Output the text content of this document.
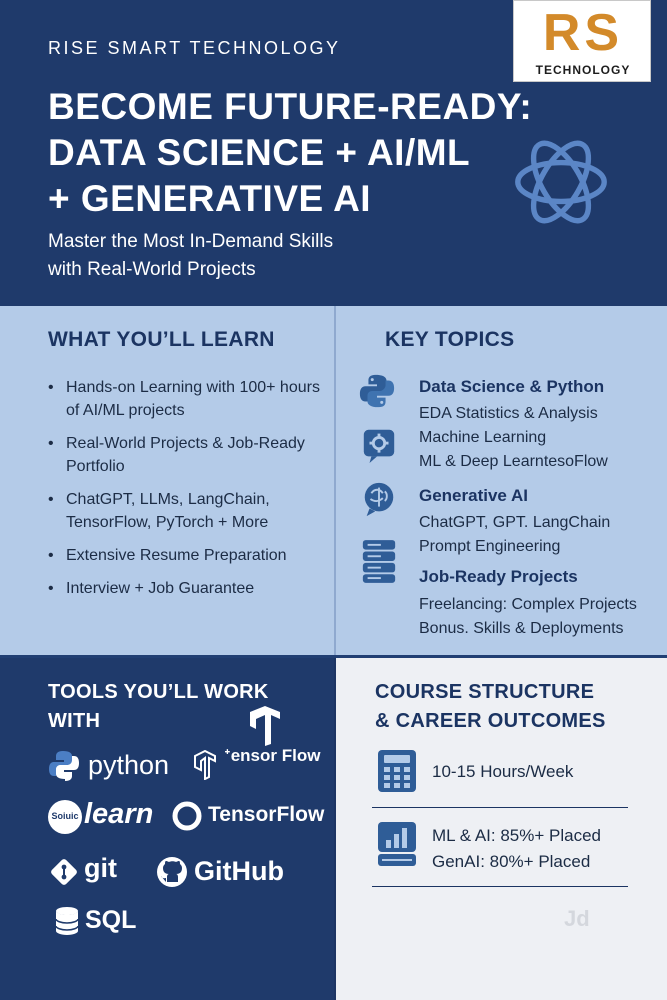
RISE SMART TECHNOLOGY
BECOME FUTURE-READY:
DATA SCIENCE + AI/ML
+ GENERATIVE AI
Master the Most In-Demand Skills
with Real-World Projects
RS
TECHNOLOGY
WHAT YOU’LL LEARN
• Hands-on Learning with 100+ hours of AI/ML projects
• Real-World Projects & Job-Ready Portfolio
• ChatGPT, LLMs, LangChain, TensorFlow, PyTorch + More
• Extensive Resume Preparation
• Interview + Job Guarantee
KEY TOPICS
Data Science & Python
EDA Statistics & Analysis
Machine Learning
ML & Deep LearntesoFlow
Generative AI
ChatGPT, GPT. LangChain
Prompt Engineering
Job-Ready Projects
Freelancing: Complex Projects
Bonus. Skills & Deployments
TOOLS YOU’LL WORK
WITH
python	ᐩensor Flow
Soiuic learn	TensorFlow
git	GitHub
SQL
COURSE STRUCTURE
& CAREER OUTCOMES
10-15 Hours/Week
ML & AI: 85%+ Placed
GenAI: 80%+ Placed
Jd
